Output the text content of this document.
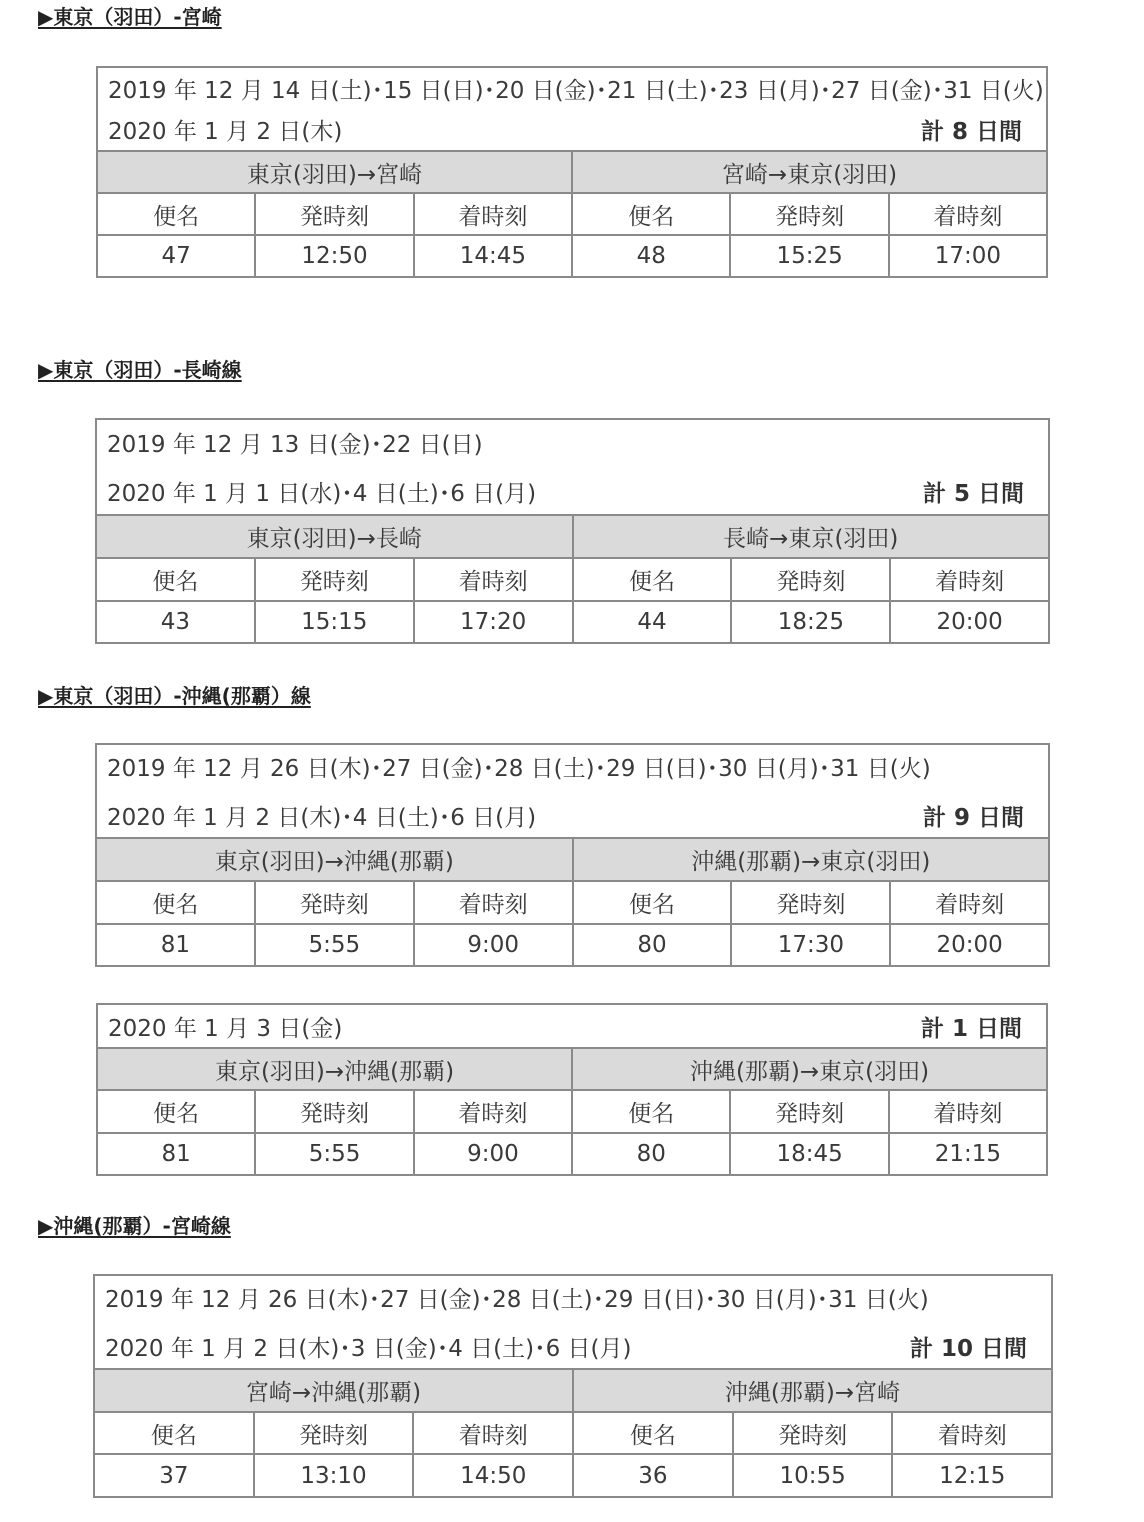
▶東京（羽田）-宮崎
2019 年 12 月 14 日(土)･15 日(日)･20 日(金)･21 日(土)･23 日(月)･27 日(金)･31 日(火)
2020 年 1 月 2 日(木) 計 8 日間					

東京(羽田)→宮崎			宮崎→東京(羽田)		
便名	発時刻	着時刻	便名	発時刻	着時刻
47	12:50	14:45	48	15:25	17:00
▶東京（羽田）-長崎線
2019 年 12 月 13 日(金)･22 日(日)
2020 年 1 月 1 日(水)･4 日(土)･6 日(月) 計 5 日間					

東京(羽田)→長崎			長崎→東京(羽田)		
便名	発時刻	着時刻	便名	発時刻	着時刻
43	15:15	17:20	44	18:25	20:00
▶東京（羽田）-沖縄(那覇）線
2019 年 12 月 26 日(木)･27 日(金)･28 日(土)･29 日(日)･30 日(月)･31 日(火)
2020 年 1 月 2 日(木)･4 日(土)･6 日(月) 計 9 日間					

東京(羽田)→沖縄(那覇)			沖縄(那覇)→東京(羽田)		
便名	発時刻	着時刻	便名	発時刻	着時刻
81	5:55	9:00	80	17:30	20:00
2020 年 1 月 3 日(金) 計 1 日間					

東京(羽田)→沖縄(那覇)			沖縄(那覇)→東京(羽田)		
便名	発時刻	着時刻	便名	発時刻	着時刻
81	5:55	9:00	80	18:45	21:15
▶沖縄(那覇）-宮崎線
2019 年 12 月 26 日(木)･27 日(金)･28 日(土)･29 日(日)･30 日(月)･31 日(火)
2020 年 1 月 2 日(木)･3 日(金)･4 日(土)･6 日(月) 計 10 日間					

宮崎→沖縄(那覇)			沖縄(那覇)→宮崎		
便名	発時刻	着時刻	便名	発時刻	着時刻
37	13:10	14:50	36	10:55	12:15
